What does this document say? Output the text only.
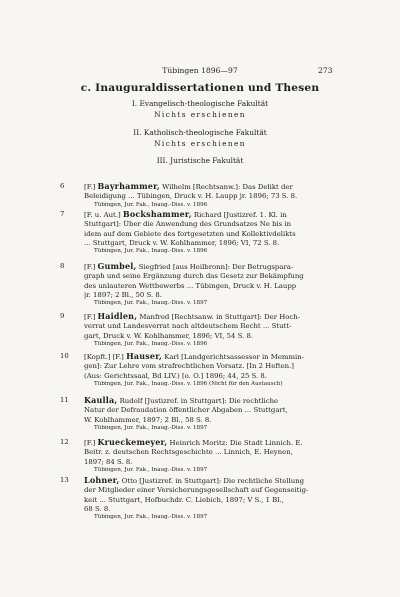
Tübingen 1896—97	273
c. Inauguraldissertationen und Thesen
I. Evangelisch-theologische Fakultät
Nichts erschienen
II. Katholisch-theologische Fakultät
Nichts erschienen
III. Juristische Fakultät
6	[F.] Bayrhammer, Wilhelm [Rechtsanw.]: Das Delikt der
Beleidigung ... Tübingen, Druck v. H. Laupp jr. 1896; 73 S. 8.
Tübingen, Jur. Fak., Inaug.-Diss. v. 1896
7	[F. u. Aut.] Bockshammer, Richard [Justizref. 1. Kl. in
Stuttgart]: Über die Anwendung des Grundsatzes Ne bis in
idem auf dem Gebiete des fortgesetzten und Kollektivdelikts
... Stuttgart, Druck v. W. Kohlhammer, 1896; VI, 72 S. 8.
Tübingen, Jur. Fak., Inaug.-Diss. v. 1896
8	[F.] Gumbel, Siegfried [aus Heilbronn]: Der Betrugspara-
graph und seine Ergänzung durch das Gesetz zur Bekämpfung
des unlauteren Wettbewerbs ... Tübingen, Druck v. H. Laupp
jr. 1897; 2 Bl., 50 S. 8.
Tübingen, Jur. Fak., Inaug.-Diss. v. 1897
9	[F.] Haidlen, Manfred [Rechtsanw. in Stuttgart]: Der Hoch-
verrat und Landesverrat nach altdeutschem Recht ... Stutt-
gart, Druck v. W. Kohlhammer, 1896; VI, 54 S. 8.
Tübingen, Jur. Fak., Inaug.-Diss. v. 1896
10 [Kopft.] [F.] Hauser, Karl [Landgerichtsassessor in Memmin-
gen]: Zur Lehre vom strafrechtlichen Vorsatz. [In 2 Heften.]
(Aus: Gerichtssaal, Bd LIV.) [o. O.] 1896; 44, 25 S. 8.
Tübingen, Jur. Fak., Inaug.-Diss. v. 1896 (Nicht für den Austausch)
11 Kaulla, Rudolf [Justizref. in Stuttgart]: Die rechtliche
Natur der Defraudation öffentlicher Abgaben ... Stuttgart,
W. Kohlhammer, 1897; 2 Bl., 58 S. 8.
Tübingen, Jur. Fak., Inaug.-Diss. v. 1897
12 [F.] Krueckemeyer, Heinrich Moritz: Die Stadt Linnich. E.
Beitr. z. deutschen Rechtsgeschichte ... Linnich, E. Heynen,
1897; 84 S. 8.
Tübingen, Jur. Fak., Inaug.-Diss. v. 1897
13 Lohner, Otto [Justizref. in Stuttgart]: Die rechtliche Stellung
der Mitglieder einer Versicherungsgesellschaft auf Gegenseitig-
keit ... Stuttgart, Hofbuchdr. C. Liebich, 1897; V S., 1 Bl.,
68 S. 8.
Tübingen, Jur. Fak., Inaug.-Diss. v. 1897
